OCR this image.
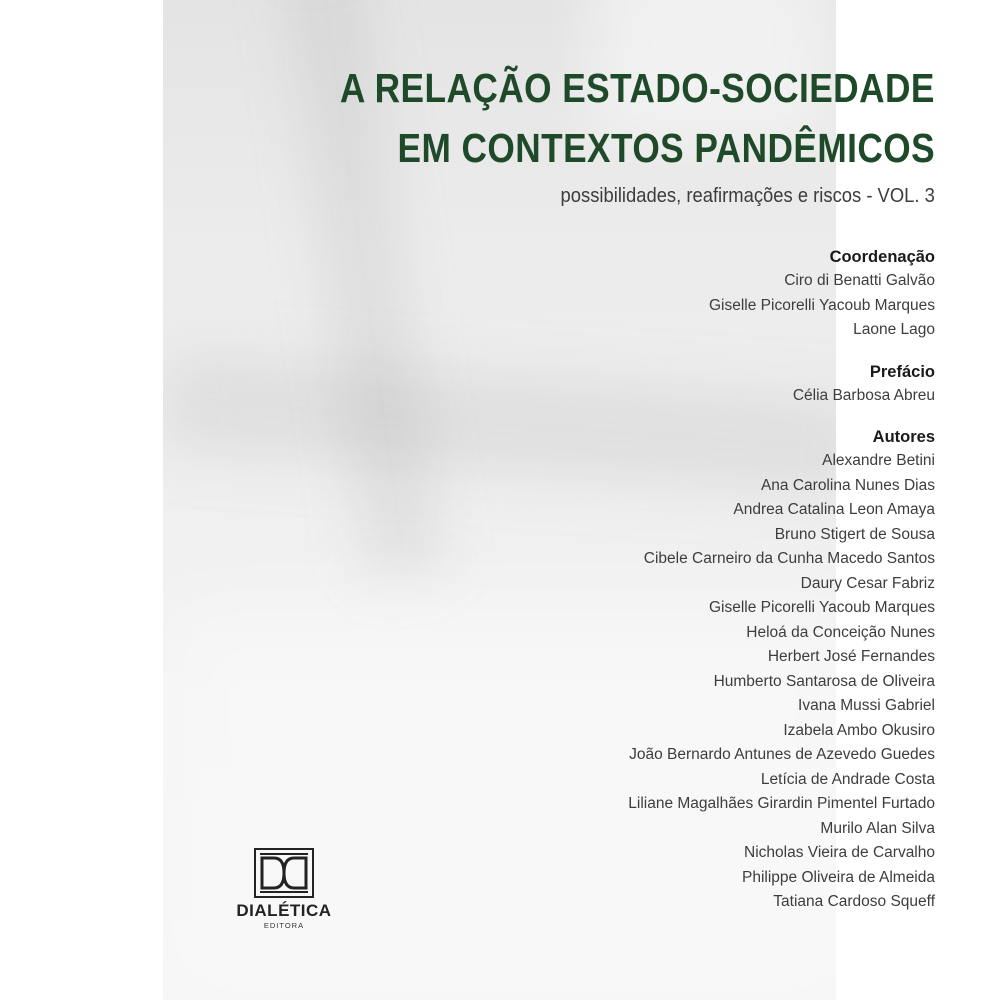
A RELAÇÃO ESTADO-SOCIEDADE
EM CONTEXTOS PANDÊMICOS

possibilidades, reafirmações e riscos - VOL. 3

Coordenação

Ciro di Benatti Galvão

Giselle Picorelli Yacoub Marques

Laone Lago

Prefácio

Célia Barbosa Abreu

Autores

Alexandre Betini

Ana Carolina Nunes Dias

Andrea Catalina Leon Amaya

Bruno Stigert de Sousa

Cibele Carneiro da Cunha Macedo Santos

Daury Cesar Fabriz

Giselle Picorelli Yacoub Marques

Heloá da Conceição Nunes

Herbert José Fernandes

Humberto Santarosa de Oliveira

Ivana Mussi Gabriel

Izabela Ambo Okusiro

João Bernardo Antunes de Azevedo Guedes

Letícia de Andrade Costa

Liliane Magalhães Girardin Pimentel Furtado

Murilo Alan Silva

Nicholas Vieira de Carvalho

Philippe Oliveira de Almeida

Tatiana Cardoso Squeff

DIALÉTICA
EDITORA
